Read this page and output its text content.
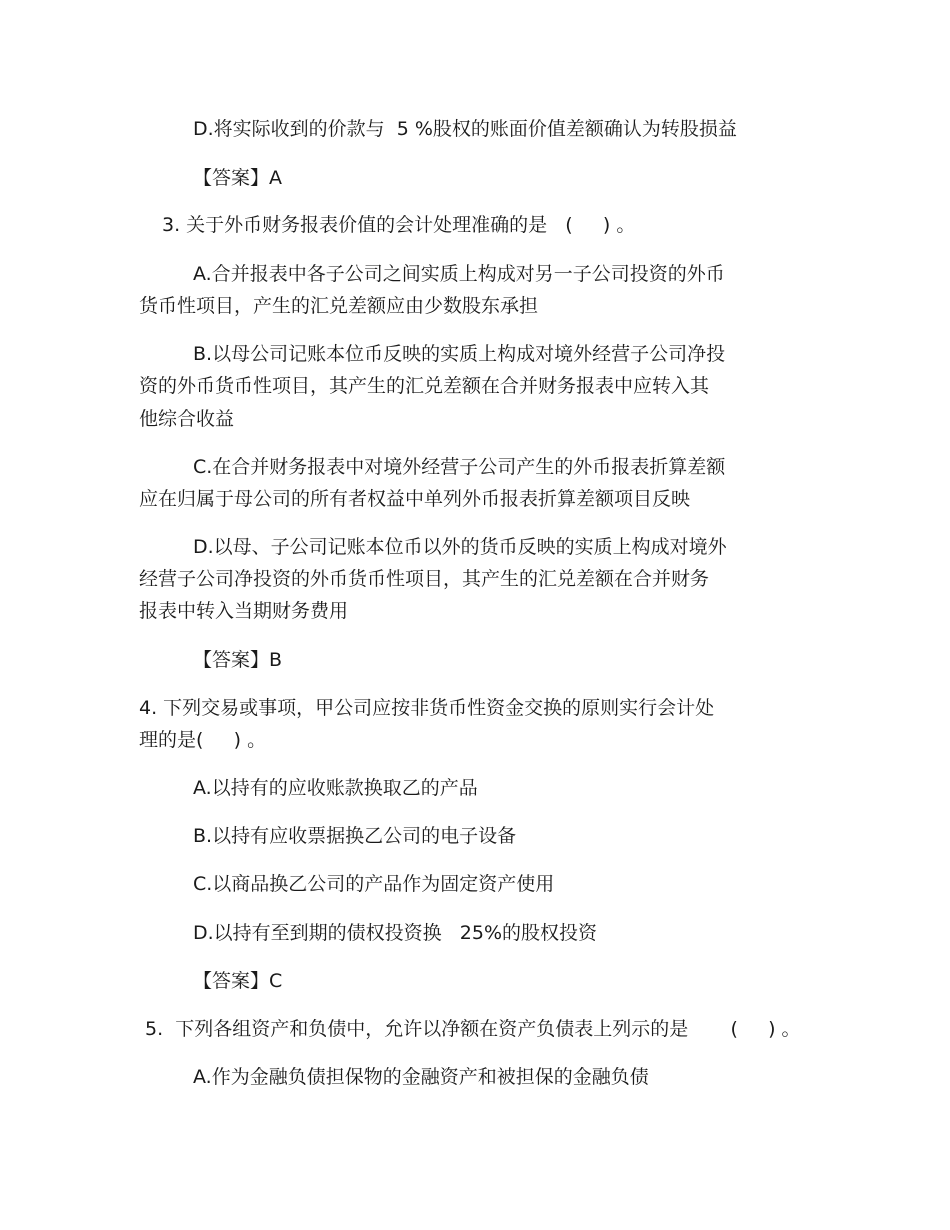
D.将实际收到的价款与  5 %股权的账面价值差额确认为转股损益
【答案】A
3. 关于外币财务报表价值的会计处理准确的是   (     ) 。
A.合并报表中各子公司之间实质上构成对另一子公司投资的外币
货币性项目，产生的汇兑差额应由少数股东承担
B.以母公司记账本位币反映的实质上构成对境外经营子公司净投
资的外币货币性项目，其产生的汇兑差额在合并财务报表中应转入其
他综合收益
C.在合并财务报表中对境外经营子公司产生的外币报表折算差额
应在归属于母公司的所有者权益中单列外币报表折算差额项目反映
D.以母、子公司记账本位币以外的货币反映的实质上构成对境外
经营子公司净投资的外币货币性项目，其产生的汇兑差额在合并财务
报表中转入当期财务费用
【答案】B
4. 下列交易或事项，甲公司应按非货币性资金交换的原则实行会计处
理的是(     ) 。
A.以持有的应收账款换取乙的产品
B.以持有应收票据换乙公司的电子设备
C.以商品换乙公司的产品作为固定资产使用
D.以持有至到期的债权投资换   25%的股权投资
【答案】C
5.  下列各组资产和负债中，允许以净额在资产负债表上列示的是       (     ) 。
A.作为金融负债担保物的金融资产和被担保的金融负债
